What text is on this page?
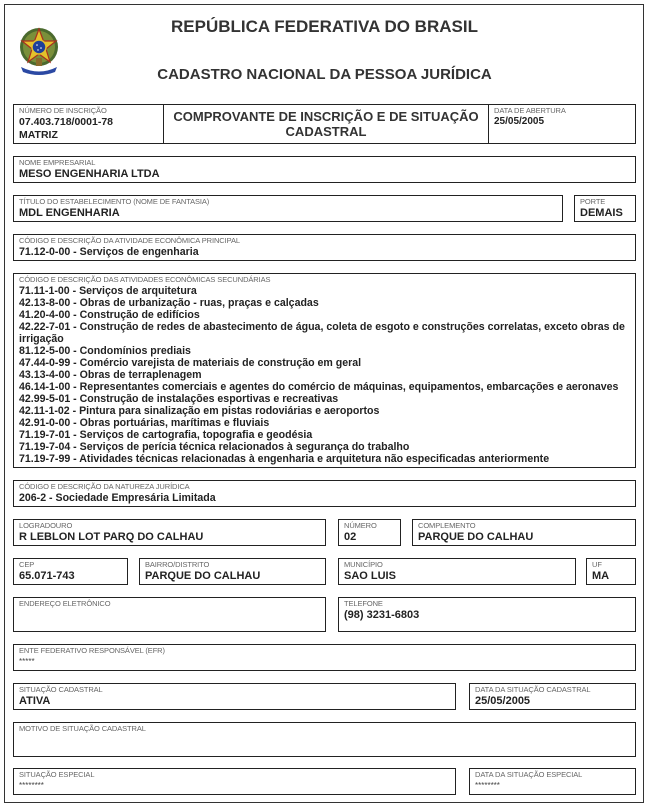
REPÚBLICA FEDERATIVA DO BRASIL
CADASTRO NACIONAL DA PESSOA JURÍDICA
NÚMERO DE INSCRIÇÃO
07.403.718/0001-78
MATRIZ
COMPROVANTE DE INSCRIÇÃO E DE SITUAÇÃO
CADASTRAL
DATA DE ABERTURA
25/05/2005
NOME EMPRESARIAL
MESO ENGENHARIA LTDA
TÍTULO DO ESTABELECIMENTO (NOME DE FANTASIA)
MDL ENGENHARIA
PORTE
DEMAIS
CÓDIGO E DESCRIÇÃO DA ATIVIDADE ECONÔMICA PRINCIPAL
71.12-0-00 - Serviços de engenharia
CÓDIGO E DESCRIÇÃO DAS ATIVIDADES ECONÔMICAS SECUNDÁRIAS
71.11-1-00 - Serviços de arquitetura
42.13-8-00 - Obras de urbanização - ruas, praças e calçadas
41.20-4-00 - Construção de edifícios
42.22-7-01 - Construção de redes de abastecimento de água, coleta de esgoto e construções correlatas, exceto obras de irrigação
81.12-5-00 - Condomínios prediais
47.44-0-99 - Comércio varejista de materiais de construção em geral
43.13-4-00 - Obras de terraplenagem
46.14-1-00 - Representantes comerciais e agentes do comércio de máquinas, equipamentos, embarcações e aeronaves
42.99-5-01 - Construção de instalações esportivas e recreativas
42.11-1-02 - Pintura para sinalização em pistas rodoviárias e aeroportos
42.91-0-00 - Obras portuárias, marítimas e fluviais
71.19-7-01 - Serviços de cartografia, topografia e geodésia
71.19-7-04 - Serviços de perícia técnica relacionados à segurança do trabalho
71.19-7-99 - Atividades técnicas relacionadas à engenharia e arquitetura não especificadas anteriormente
CÓDIGO E DESCRIÇÃO DA NATUREZA JURÍDICA
206-2 - Sociedade Empresária Limitada
LOGRADOURO
R LEBLON LOT PARQ DO CALHAU
NÚMERO
02
COMPLEMENTO
PARQUE DO CALHAU
CEP
65.071-743
BAIRRO/DISTRITO
PARQUE DO CALHAU
MUNICÍPIO
SAO LUIS
UF
MA
ENDEREÇO ELETRÔNICO	TELEFONE
(98) 3231-6803
ENTE FEDERATIVO RESPONSÁVEL (EFR)
*****
SITUAÇÃO CADASTRAL
ATIVA
DATA DA SITUAÇÃO CADASTRAL
25/05/2005
MOTIVO DE SITUAÇÃO CADASTRAL
SITUAÇÃO ESPECIAL
********
DATA DA SITUAÇÃO ESPECIAL
********
